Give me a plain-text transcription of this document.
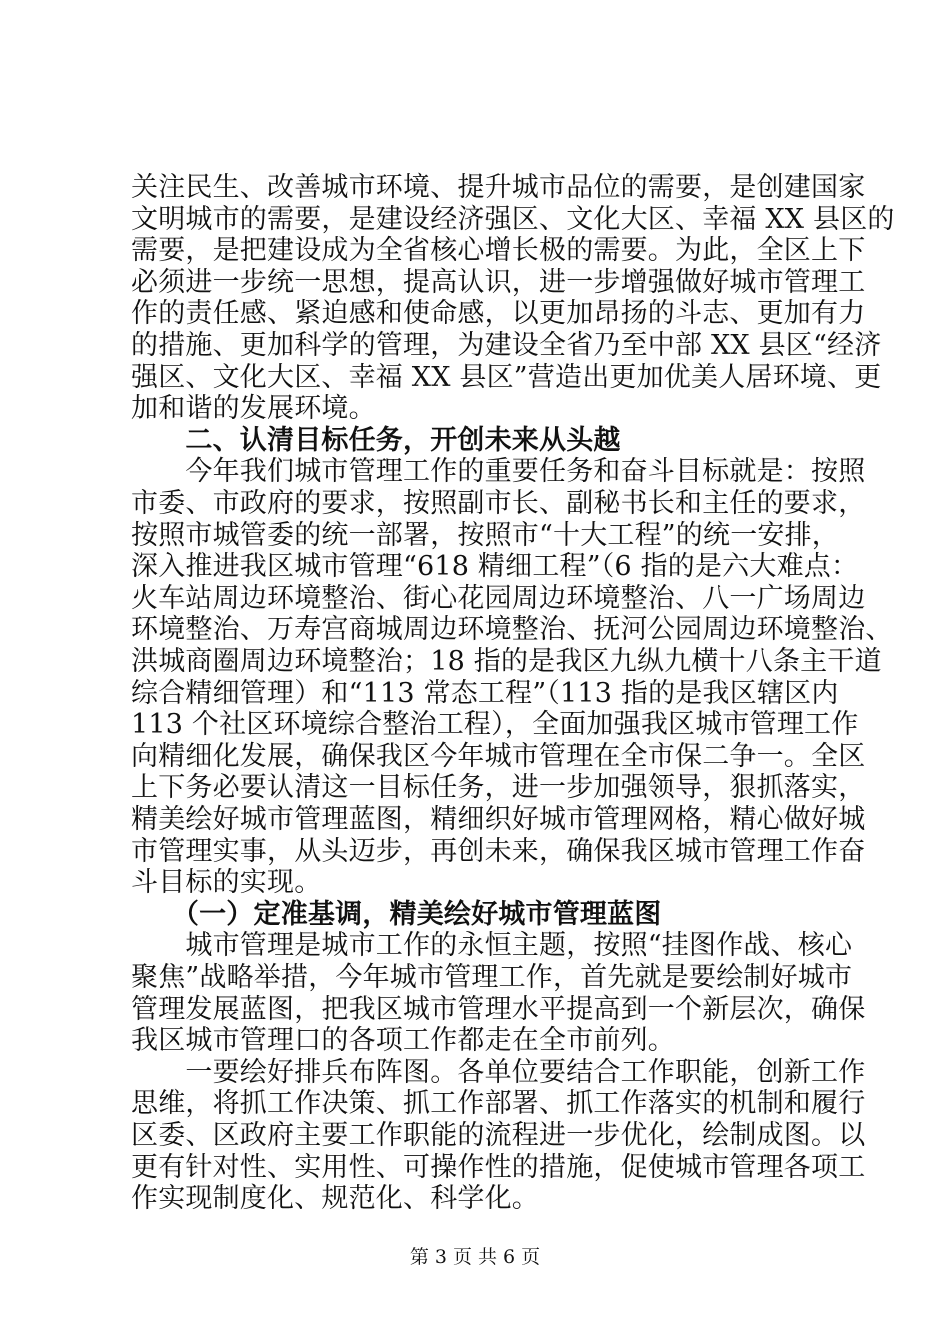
关注民生、改善城市环境、提升城市品位的需要，是创建国家
文明城市的需要，是建设经济强区、文化大区、幸福 XX 县区的
需要，是把建设成为全省核心增长极的需要。为此，全区上下
必须进一步统一思想，提高认识，进一步增强做好城市管理工
作的责任感、紧迫感和使命感，以更加昂扬的斗志、更加有力
的措施、更加科学的管理，为建设全省乃至中部 XX 县区“经济
强区、文化大区、幸福 XX 县区”营造出更加优美人居环境、更
加和谐的发展环境。
　　二、认清目标任务，开创未来从头越
　　今年我们城市管理工作的重要任务和奋斗目标就是：按照
市委、市政府的要求，按照副市长、副秘书长和主任的要求，
按照市城管委的统一部署，按照市“十大工程”的统一安排，
深入推进我区城市管理“618 精细工程”（6 指的是六大难点：
火车站周边环境整治、街心花园周边环境整治、八一广场周边
环境整治、万寿宫商城周边环境整治、抚河公园周边环境整治、
洪城商圈周边环境整治；18 指的是我区九纵九横十八条主干道
综合精细管理）和“113 常态工程”（113 指的是我区辖区内
113 个社区环境综合整治工程），全面加强我区城市管理工作
向精细化发展，确保我区今年城市管理在全市保二争一。全区
上下务必要认清这一目标任务，进一步加强领导，狠抓落实，
精美绘好城市管理蓝图，精细织好城市管理网格，精心做好城
市管理实事，从头迈步，再创未来，确保我区城市管理工作奋
斗目标的实现。
　　（一）定准基调，精美绘好城市管理蓝图
　　城市管理是城市工作的永恒主题，按照“挂图作战、核心
聚焦”战略举措，今年城市管理工作，首先就是要绘制好城市
管理发展蓝图，把我区城市管理水平提高到一个新层次，确保
我区城市管理口的各项工作都走在全市前列。
　　一要绘好排兵布阵图。各单位要结合工作职能，创新工作
思维，将抓工作决策、抓工作部署、抓工作落实的机制和履行
区委、区政府主要工作职能的流程进一步优化，绘制成图。以
更有针对性、实用性、可操作性的措施，促使城市管理各项工
作实现制度化、规范化、科学化。
第 3 页 共 6 页
